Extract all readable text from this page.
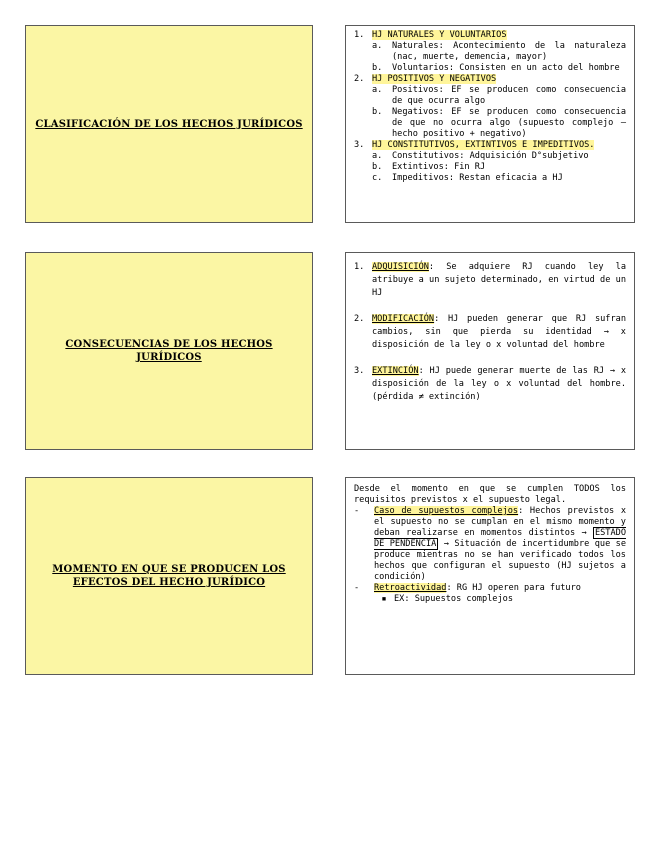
CLASIFICACIÓN DE LOS HECHOS JURÍDICOS
CONSECUENCIAS DE LOS HECHOS JURÍDICOS
MOMENTO EN QUE SE PRODUCEN LOS EFECTOS DEL HECHO JURÍDICO
1. HJ NATURALES Y VOLUNTARIOS
a.	Naturales: Acontecimiento de la naturaleza (nac, muerte, demencia, mayor)
b.	Voluntarios: Consisten en un acto del hombre
2. HJ POSITIVOS Y NEGATIVOS
a.	Positivos: EF se producen como consecuencia de que ocurra algo
b.	Negativos: EF se producen como consecuencia de que no ocurra algo (supuesto complejo – hecho positivo + negativo)
3. HJ CONSTITUTIVOS, EXTINTIVOS E IMPEDITIVOS.
a.	Constitutivos: Adquisición D°subjetivo
b.	Extintivos: Fin RJ
c.	Impeditivos: Restan eficacia a HJ
1. ADQUISICIÓN: Se adquiere RJ cuando ley la atribuye a un sujeto determinado, en virtud de un HJ
2. MODIFICACIÓN: HJ pueden generar que RJ sufran cambios, sin que pierda su identidad → x disposición de la ley o x voluntad del hombre
3. EXTINCIÓN: HJ puede generar muerte de las RJ → x disposición de la ley o x voluntad del hombre. (pérdida ≠ extinción)

Desde el momento en que se cumplen TODOS los requisitos previstos x el supuesto legal.

-	Caso de supuestos complejos: Hechos previstos x el supuesto no se cumplan en el mismo momento y deban realizarse en momentos distintos → ESTADO DE PENDENCIA → Situación de incertidumbre que se produce mientras no se han verificado todos los hechos que configuran el supuesto (HJ sujetos a condición)
-	Retroactividad: RG HJ operen para futuro
▪ EX: Supuestos complejos
